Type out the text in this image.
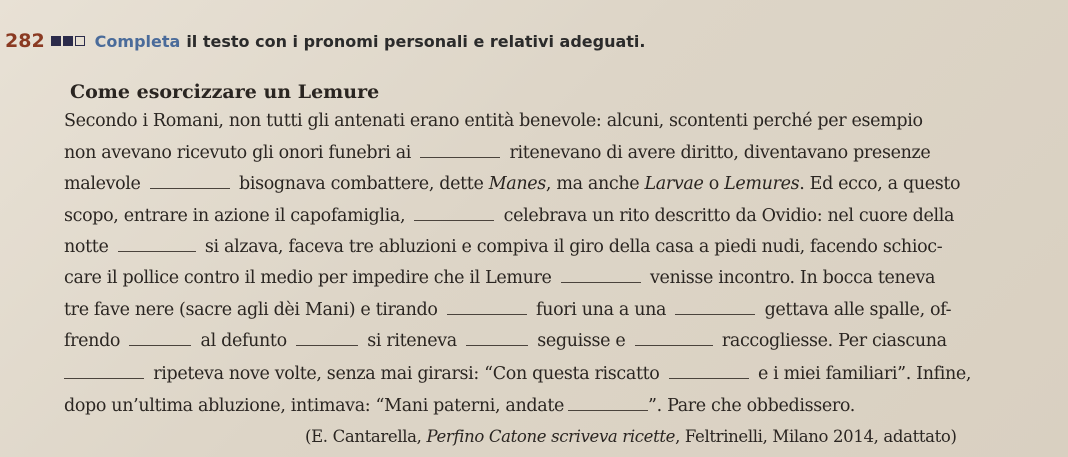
282	Completa il testo con i pronomi personali e relativi adeguati.
Come esorcizzare un Lemure
Secondo i Romani, non tutti gli antenati erano entità benevole: alcuni, scontenti perché per esempio
non avevano ricevuto gli onori funebri ai	ritenevano di avere diritto, diventavano presenze
malevole	bisognava combattere, dette Manes, ma anche Larvae o Lemures. Ed ecco, a questo
scopo, entrare in azione il capofamiglia,	celebrava un rito descritto da Ovidio: nel cuore della
notte	si alzava, faceva tre abluzioni e compiva il giro della casa a piedi nudi, facendo schioc-
care il pollice contro il medio per impedire che il Lemure	venisse incontro. In bocca teneva
tre fave nere (sacre agli dèi Mani) e tirando	fuori una a una	gettava alle spalle, of-
frendo	al defunto	si riteneva	seguisse e	raccogliesse. Per ciascuna
ripeteva nove volte, senza mai girarsi: “Con questa riscatto	e i miei familiari”. Infine,
dopo un’ultima abluzione, intimava: “Mani paterni, andate	”. Pare che obbedissero.
(E. Cantarella, Perfino Catone scriveva ricette, Feltrinelli, Milano 2014, adattato)
